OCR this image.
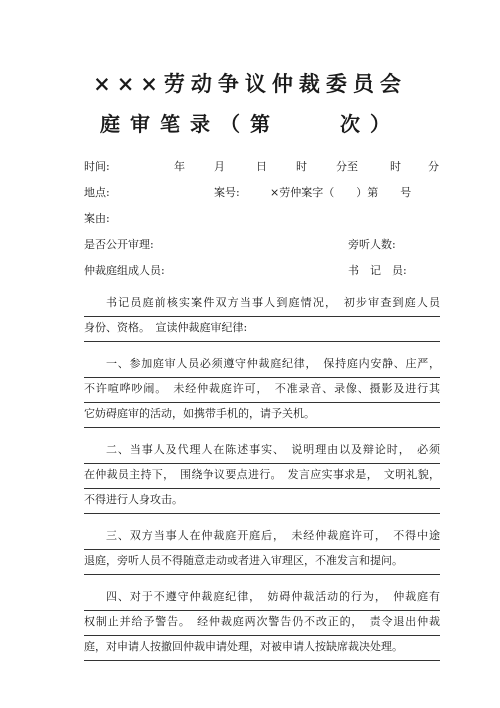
×××劳动争议仲裁委员会
庭审笔录（第　　次）
时间:	年	月	日	时	分至	时 分
地点:	案号:	×劳仲案字（　　）第　　号
案由:
是否公开审理:	旁听人数:
仲裁庭组成人员:	书　记　员:
书记员庭前核实案件双方当事人到庭情况，　初步审查到庭人员
身份、资格。　宣读仲裁庭审纪律:
一、参加庭审人员必须遵守仲裁庭纪律，　保持庭内安静、庄严，
不许喧哗吵闹。　未经仲裁庭许可，　不准录音、录像、摄影及进行其
它妨碍庭审的活动，如携带手机的，请予关机。
二、当事人及代理人在陈述事实、　说明理由以及辩论时，　必须
在仲裁员主持下，　围绕争议要点进行。　发言应实事求是，　文明礼貌，
不得进行人身攻击。
三、双方当事人在仲裁庭开庭后，　未经仲裁庭许可，　不得中途
退庭，旁听人员不得随意走动或者进入审理区，不准发言和提问。
四、对于不遵守仲裁庭纪律，　妨碍仲裁活动的行为，　仲裁庭有
权制止并给予警告。　经仲裁庭两次警告仍不改正的，　责令退出仲裁
庭，对申请人按撤回仲裁申请处理，对被申请人按缺席裁决处理。
